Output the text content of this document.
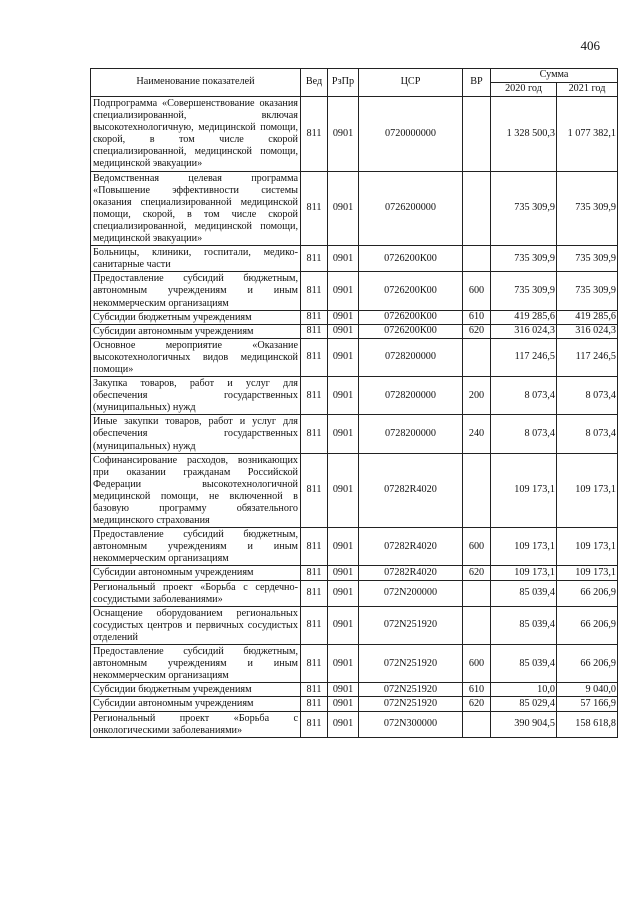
406
Наименование показателей	Вед	РзПр	ЦСР	ВР	Сумма	
					2020 год	2021 год
Подпрограмма «Совершенствование оказания специализированной, включая высокотехнологичную, медицинской помощи, скорой, в том числе скорой специализированной, медицинской помощи, медицинской эвакуации»	811	0901	0720000000		1 328 500,3	1 077 382,1
Ведомственная целевая программа «Повышение эффективности системы оказания специализированной медицинской помощи, скорой, в том числе скорой специализированной, медицинской помощи, медицинской эвакуации»	811	0901	0726200000		735 309,9	735 309,9
Больницы, клиники, госпитали, медико-санитарные части	811	0901	0726200К00		735 309,9	735 309,9
Предоставление субсидий бюджетным, автономным учреждениям и иным некоммерческим организациям	811	0901	0726200К00	600	735 309,9	735 309,9
Субсидии бюджетным учреждениям	811	0901	0726200К00	610	419 285,6	419 285,6
Субсидии автономным учреждениям	811	0901	0726200К00	620	316 024,3	316 024,3
Основное мероприятие «Оказание высокотехнологичных видов медицинской помощи»	811	0901	0728200000		117 246,5	117 246,5
Закупка товаров, работ и услуг для обеспечения государственных (муниципальных) нужд	811	0901	0728200000	200	8 073,4	8 073,4
Иные закупки товаров, работ и услуг для обеспечения государственных (муниципальных) нужд	811	0901	0728200000	240	8 073,4	8 073,4
Софинансирование расходов, возникающих при оказании гражданам Российской Федерации высокотехнологичной медицинской помощи, не включенной в базовую программу обязательного медицинского страхования	811	0901	07282R4020		109 173,1	109 173,1
Предоставление субсидий бюджетным, автономным учреждениям и иным некоммерческим организациям	811	0901	07282R4020	600	109 173,1	109 173,1
Субсидии автономным учреждениям	811	0901	07282R4020	620	109 173,1	109 173,1
Региональный проект «Борьба с сердечно-сосудистыми заболеваниями»	811	0901	072N200000		85 039,4	66 206,9
Оснащение оборудованием региональных сосудистых центров и первичных сосудистых отделений	811	0901	072N251920		85 039,4	66 206,9
Предоставление субсидий бюджетным, автономным учреждениям и иным некоммерческим организациям	811	0901	072N251920	600	85 039,4	66 206,9
Субсидии бюджетным учреждениям	811	0901	072N251920	610	10,0	9 040,0
Субсидии автономным учреждениям	811	0901	072N251920	620	85 029,4	57 166,9
Региональный проект «Борьба с онкологическими заболеваниями»	811	0901	072N300000		390 904,5	158 618,8
